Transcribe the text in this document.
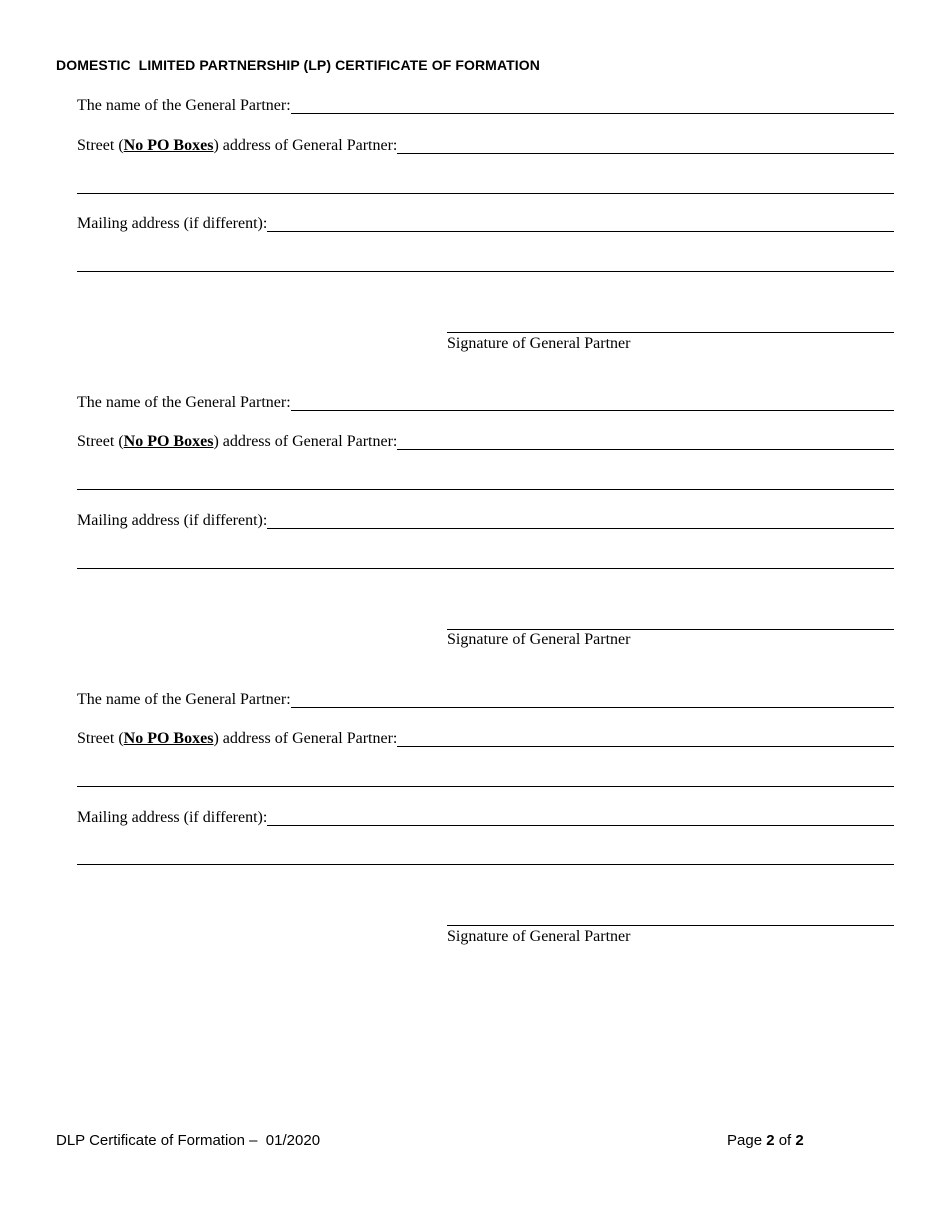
DOMESTIC  LIMITED PARTNERSHIP (LP) CERTIFICATE OF FORMATION
The name of the General Partner:
Street (No PO Boxes) address of General Partner:
Mailing address (if different):
Signature of General Partner
The name of the General Partner:
Street (No PO Boxes) address of General Partner:
Mailing address (if different):
Signature of General Partner
The name of the General Partner:
Street (No PO Boxes) address of General Partner:
Mailing address (if different):
Signature of General Partner
DLP Certificate of Formation –  01/2020	Page 2 of 2
